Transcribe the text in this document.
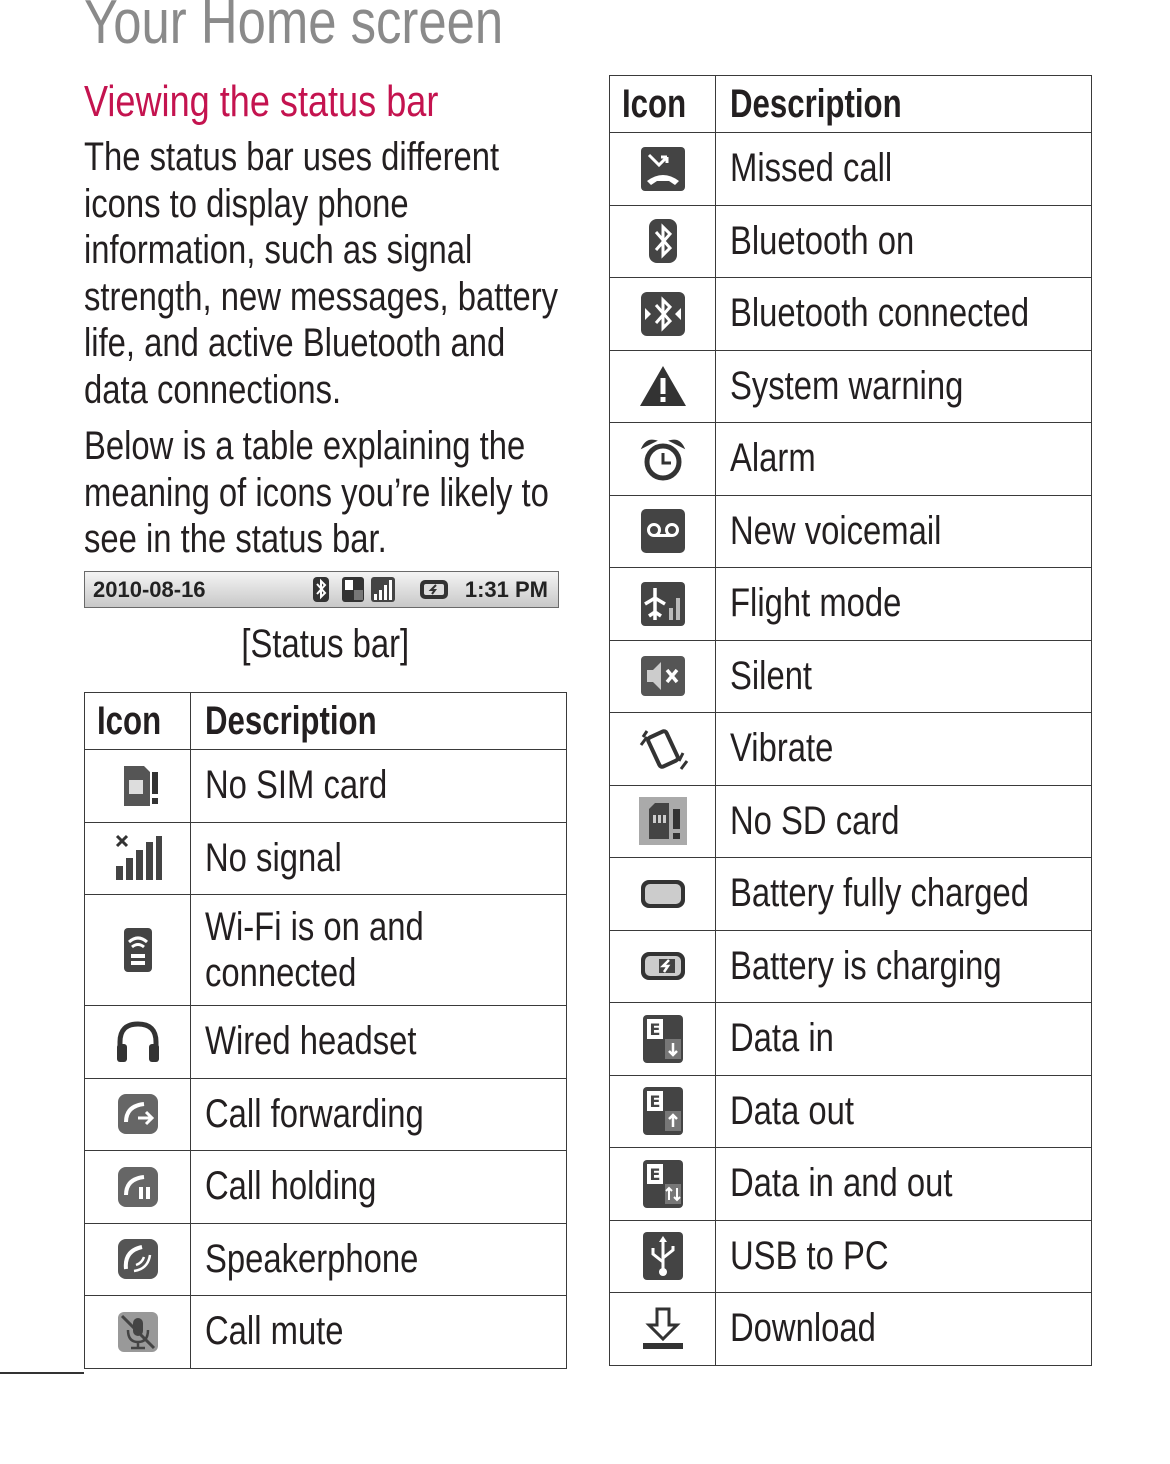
Your Home screen
Viewing the status bar
The status bar uses different
icons to display phone
information, such as signal
strength, new messages, battery
life, and active Bluetooth and
data connections.
Below is a table explaining the
meaning of icons you’re likely to
see in the status bar.
2010-08-16	1:31 PM
[Status bar]
Icon	Description

	No SIM card

	No signal

	Wi-Fi is on and
connected

	Wired headset

	Call forwarding

	Call holding

	Speakerphone

	Call mute
Icon	Description

	Missed call

	Bluetooth on

	Bluetooth connected

	System warning

	Alarm

	New voicemail

	Flight mode

	Silent

	Vibrate

	No SD card

	Battery fully charged

	Battery is charging

E	Data in

E	Data out

E	Data in and out

	USB to PC

	Download
